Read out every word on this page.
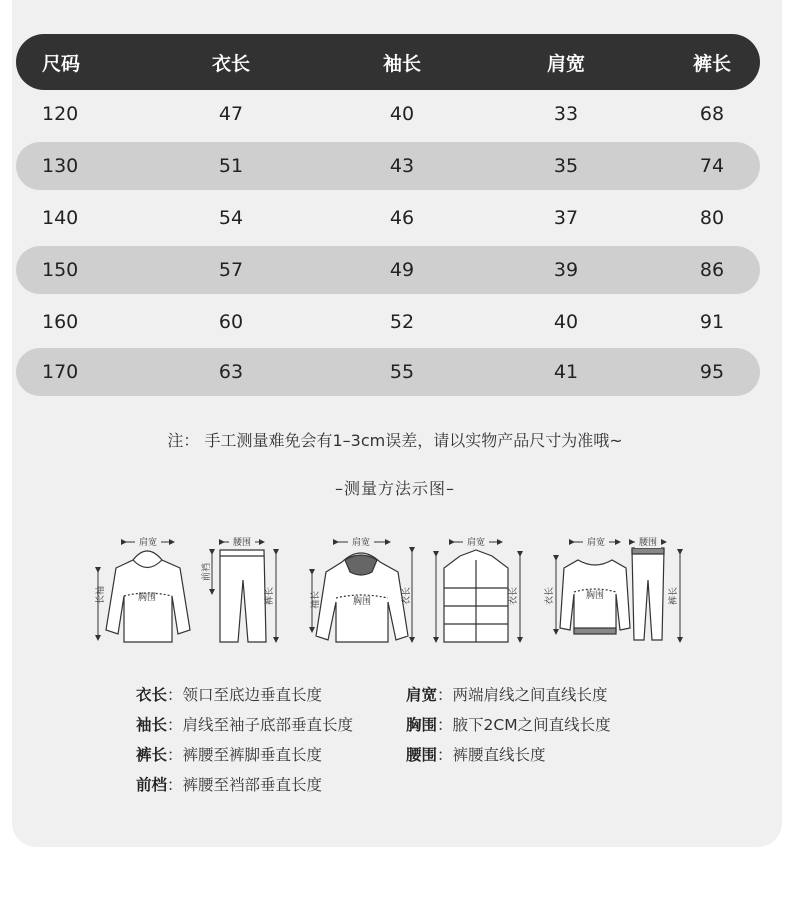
尺码	衣长	袖长	肩宽	裤长
120	47	40	33	68
130	51	43	35	74
140	54	46	37	80
150	57	49	39	86
160	60	52	40	91
170	63	55	41	95
注： 手工测量难免会有1–3cm误差，请以实物产品尺寸为准哦~
–测量方法示图–
肩宽
胸围
长袖
腰围
前裆
裤长
肩宽
胸围
袖长	衣长
肩宽
衣长
肩宽
胸围
衣长
腰围
裤长
衣长：领口至底边垂直长度
袖长：肩线至袖子底部垂直长度
裤长：裤腰至裤脚垂直长度
前档：裤腰至裆部垂直长度
肩宽：两端肩线之间直线长度
胸围：腋下2CM之间直线长度
腰围：裤腰直线长度
